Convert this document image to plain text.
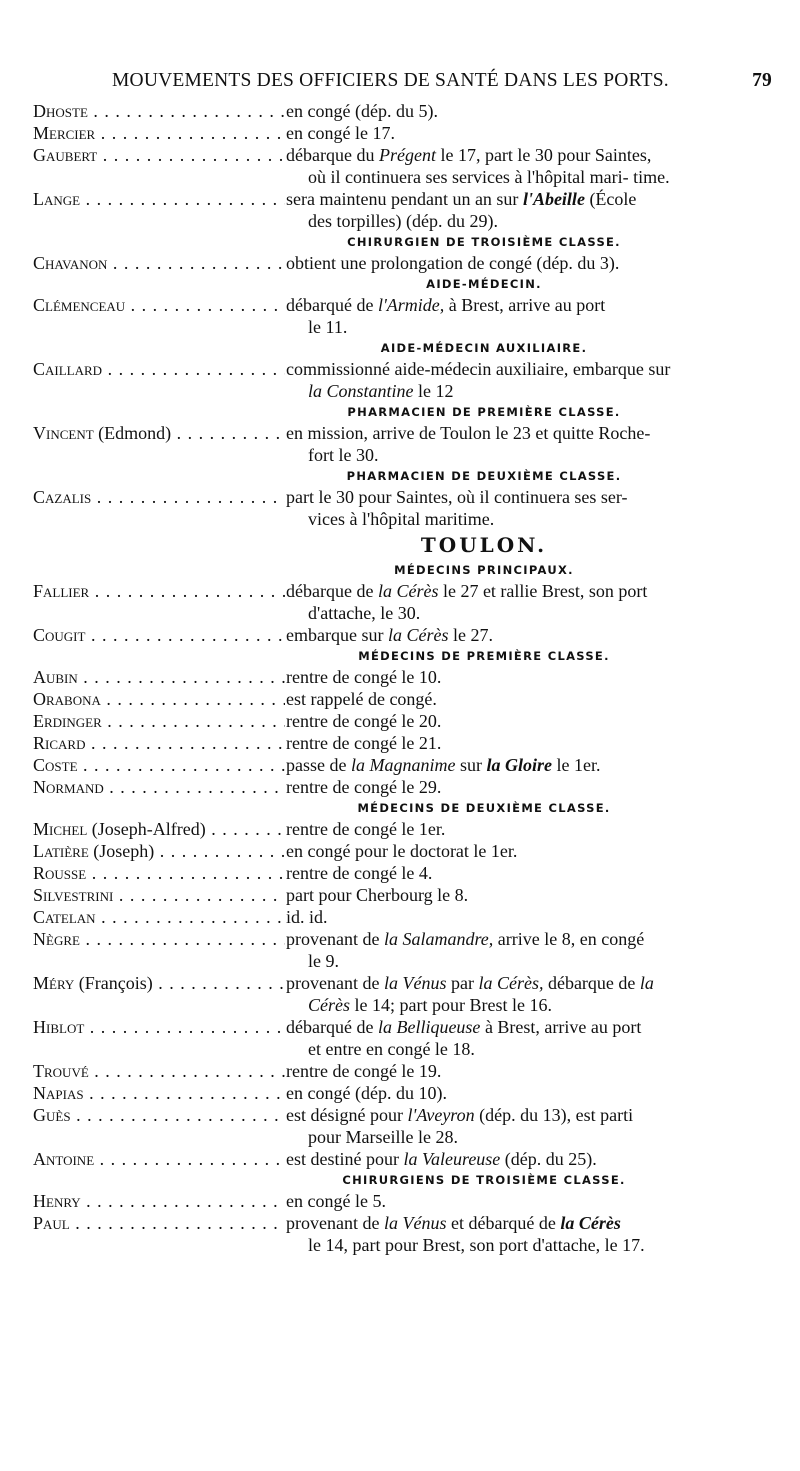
MOUVEMENTS DES OFFICIERS DE SANTÉ DANS LES PORTS.	79
Dhoste . . .	en congé (dép. du 5).
Mercier . . .	en congé le 17.
Gaubert . . .	débarque du Prégent le 17, part le 30 pour Saintes,
où il continuera ses services à l'hôpital mari- time.
Lange . . .	sera maintenu pendant un an sur l'Abeille (École
des torpilles) (dép. du 29).
CHIRURGIEN DE TROISIÈME CLASSE.
Chavanon . . .	obtient une prolongation de congé (dép. du 3).
AIDE-MÉDECIN.
Clémenceau . . .	débarqué de l'Armide, à Brest, arrive au port
le 11.
AIDE-MÉDECIN AUXILIAIRE.
Caillard . . .	commissionné aide-médecin auxiliaire, embarque sur
la Constantine le 12
PHARMACIEN DE PREMIÈRE CLASSE.
Vincent (Edmond) . . .	en mission, arrive de Toulon le 23 et quitte Roche-
fort le 30.
PHARMACIEN DE DEUXIÈME CLASSE.
Cazalis . . .	part le 30 pour Saintes, où il continuera ses ser-
vices à l'hôpital maritime.
TOULON.
MÉDECINS PRINCIPAUX.
Fallier . . .	débarque de la Cérès le 27 et rallie Brest, son port
d'attache, le 30.
Cougit . . .	embarque sur la Cérès le 27.
MÉDECINS DE PREMIÈRE CLASSE.
Aubin . . .	rentre de congé le 10.
Orabona . . .	est rappelé de congé.
Erdinger . . .	rentre de congé le 20.
Ricard . . .	rentre de congé le 21.
Coste . . .	passe de la Magnanime sur la Gloire le 1er.
Normand . . .	rentre de congé le 29.
MÉDECINS DE DEUXIÈME CLASSE.
Michel (Joseph-Alfred) . . .	rentre de congé le 1er.
Latière (Joseph) . . .	en congé pour le doctorat le 1er.
Rousse . . .	rentre de congé le 4.
Silvestrini . . .	part pour Cherbourg le 8.
Catelan . . .	id. id.
Nègre . . .	provenant de la Salamandre, arrive le 8, en congé
le 9.
Méry (François) . . .	provenant de la Vénus par la Cérès, débarque de la
Cérès le 14; part pour Brest le 16.
Hiblot . . .	débarqué de la Belliqueuse à Brest, arrive au port
et entre en congé le 18.
Trouvé . . .	rentre de congé le 19.
Napias . . .	en congé (dép. du 10).
Guès . . .	est désigné pour l'Aveyron (dép. du 13), est parti
pour Marseille le 28.
Antoine . . .	est destiné pour la Valeureuse (dép. du 25).
CHIRURGIENS DE TROISIÈME CLASSE.
Henry . . .	en congé le 5.
Paul . . .	provenant de la Vénus et débarqué de la Cérès
le 14, part pour Brest, son port d'attache, le 17.
